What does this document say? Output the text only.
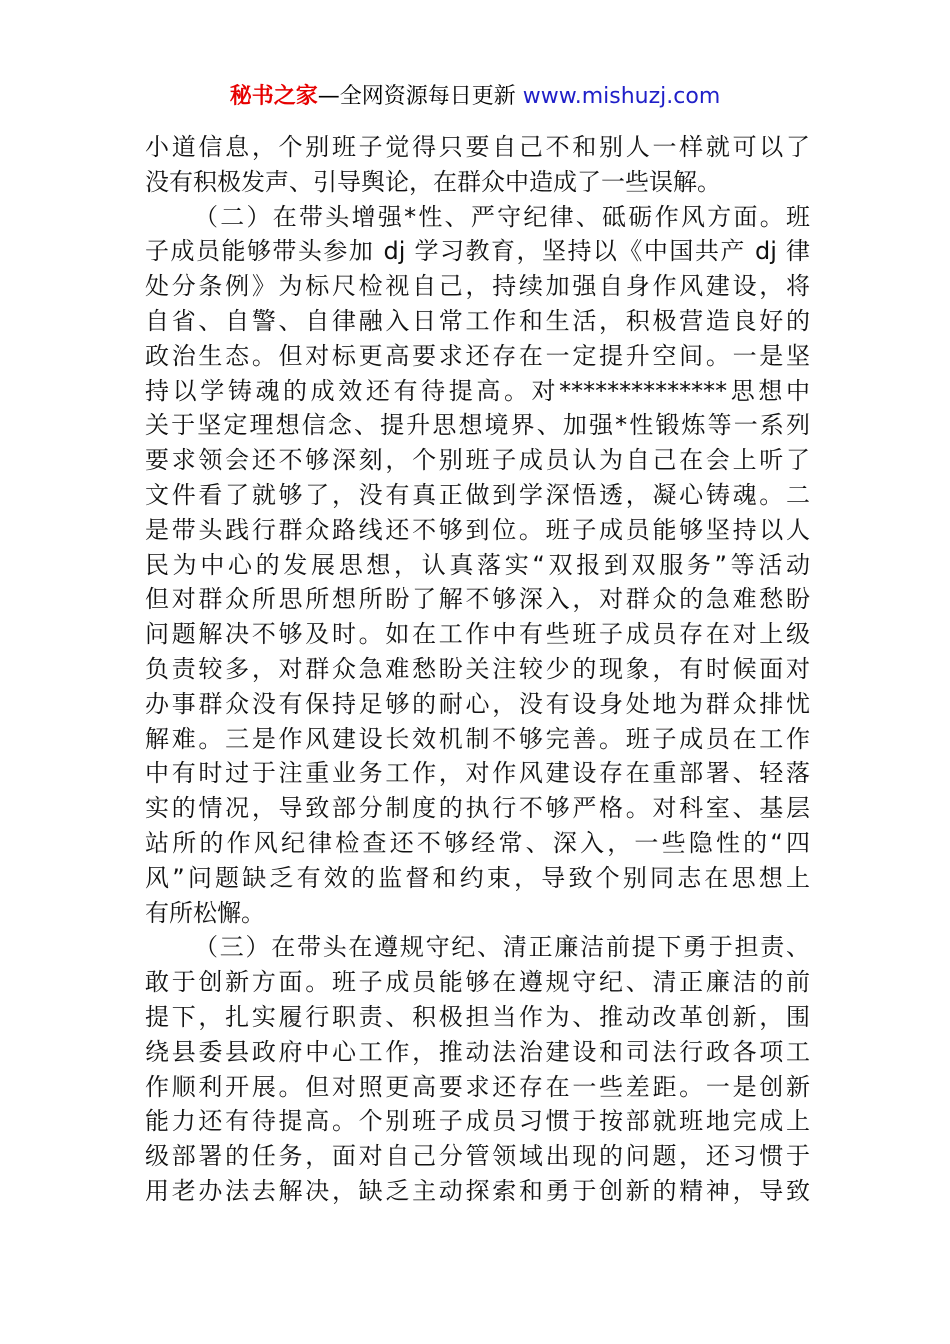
秘书之家—全网资源每日更新 www.mishuzj.com
小道信息，个别班子觉得只要自己不和别人一样就可以了
没有积极发声、引导舆论，在群众中造成了一些误解。
（二）在带头增强*性、严守纪律、砥砺作风方面。班
子成员能够带头参加 dj 学习教育，坚持以《中国共产 dj 律
处分条例》为标尺检视自己，持续加强自身作风建设，将
自省、自警、自律融入日常工作和生活，积极营造良好的
政治生态。但对标更高要求还存在一定提升空间。一是坚
持以学铸魂的成效还有待提高。对**************思想中
关于坚定理想信念、提升思想境界、加强*性锻炼等一系列
要求领会还不够深刻，个别班子成员认为自己在会上听了
文件看了就够了，没有真正做到学深悟透，凝心铸魂。二
是带头践行群众路线还不够到位。班子成员能够坚持以人
民为中心的发展思想，认真落实“双报到双服务”等活动
但对群众所思所想所盼了解不够深入，对群众的急难愁盼
问题解决不够及时。如在工作中有些班子成员存在对上级
负责较多，对群众急难愁盼关注较少的现象，有时候面对
办事群众没有保持足够的耐心，没有设身处地为群众排忧
解难。三是作风建设长效机制不够完善。班子成员在工作
中有时过于注重业务工作，对作风建设存在重部署、轻落
实的情况，导致部分制度的执行不够严格。对科室、基层
站所的作风纪律检查还不够经常、深入，一些隐性的“四
风”问题缺乏有效的监督和约束，导致个别同志在思想上
有所松懈。
（三）在带头在遵规守纪、清正廉洁前提下勇于担责、
敢于创新方面。班子成员能够在遵规守纪、清正廉洁的前
提下，扎实履行职责、积极担当作为、推动改革创新，围
绕县委县政府中心工作，推动法治建设和司法行政各项工
作顺利开展。但对照更高要求还存在一些差距。一是创新
能力还有待提高。个别班子成员习惯于按部就班地完成上
级部署的任务，面对自己分管领域出现的问题，还习惯于
用老办法去解决，缺乏主动探索和勇于创新的精神，导致
